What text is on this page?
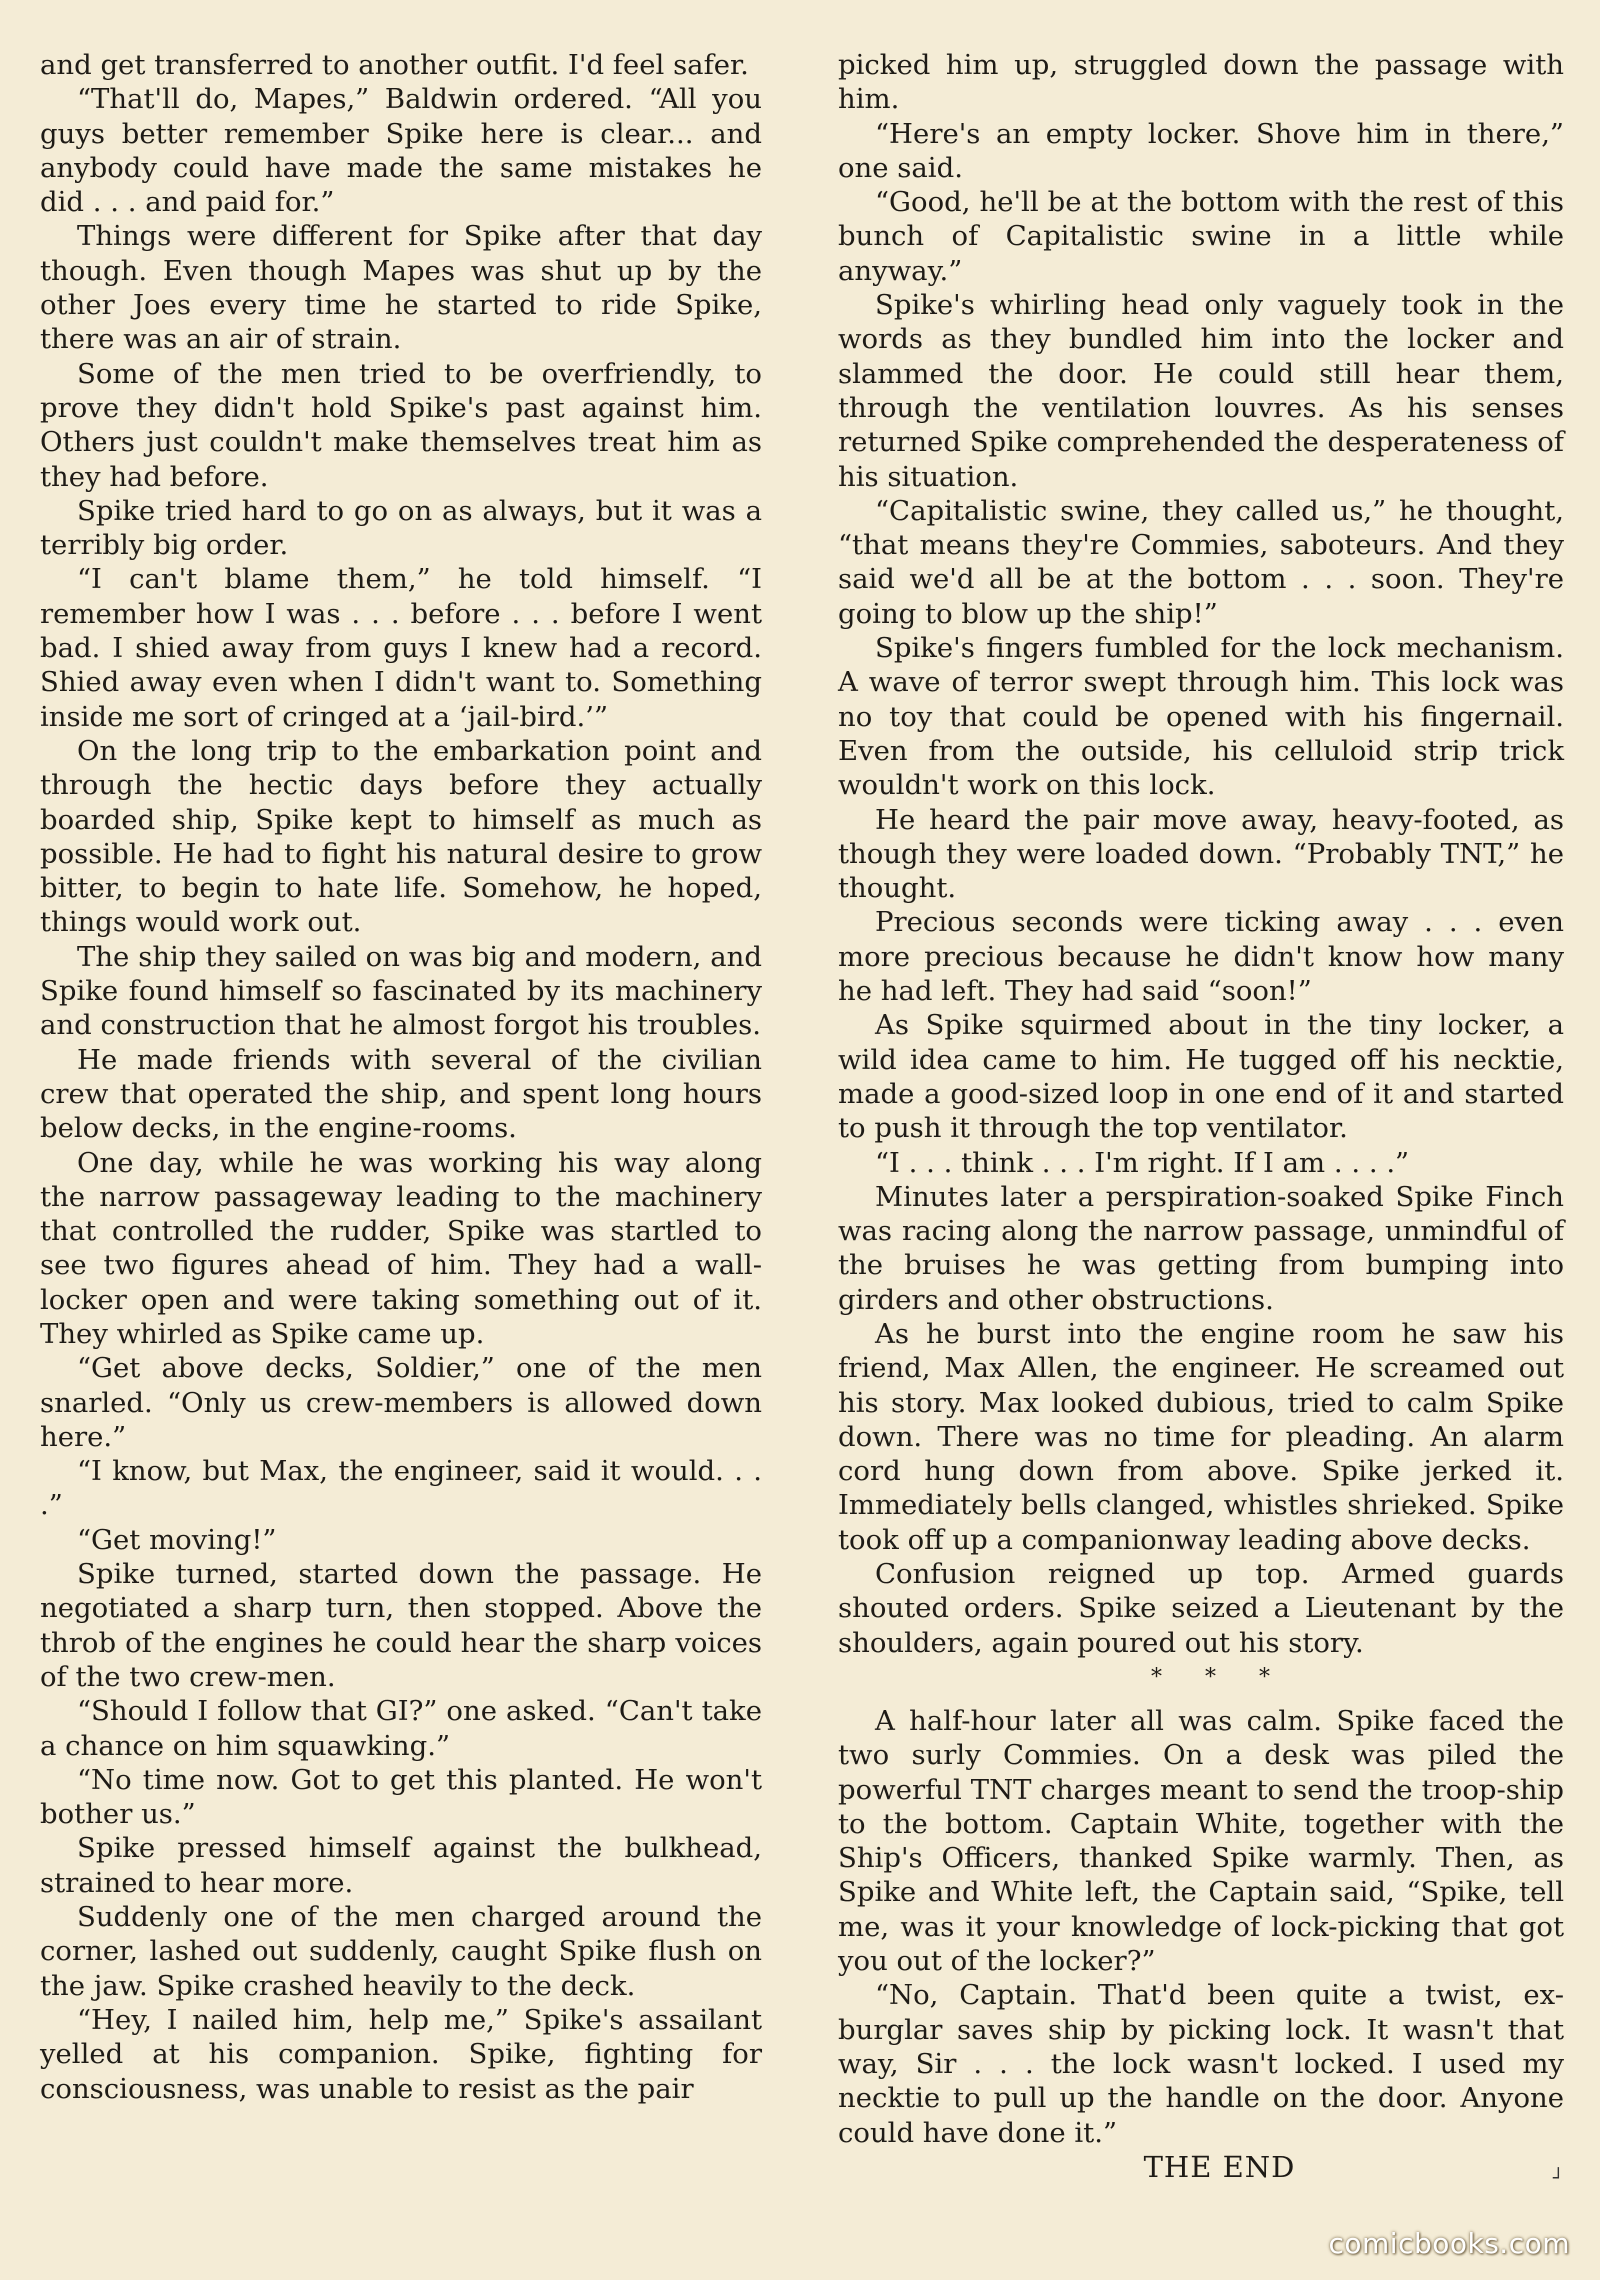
and get transferred to another outfit. I'd feel safer.

“That'll do, Mapes,” Baldwin ordered. “All you guys better remember Spike here is clear... and anybody could have made the same mistakes he did . . . and paid for.”

Things were different for Spike after that day though. Even though Mapes was shut up by the other Joes every time he started to ride Spike, there was an air of strain.

Some of the men tried to be overfriendly, to prove they didn't hold Spike's past against him. Others just couldn't make themselves treat him as they had before.

Spike tried hard to go on as always, but it was a terribly big order.

“I can't blame them,” he told himself. “I remember how I was . . . before . . . before I went bad. I shied away from guys I knew had a record. Shied away even when I didn't want to. Something inside me sort of cringed at a ‘jail-bird.’”

On the long trip to the embarkation point and through the hectic days before they actually boarded ship, Spike kept to himself as much as possible. He had to fight his natural desire to grow bitter, to begin to hate life. Somehow, he hoped, things would work out.

The ship they sailed on was big and modern, and Spike found himself so fascinated by its machinery and construction that he almost forgot his troubles.

He made friends with several of the civilian crew that operated the ship, and spent long hours below decks, in the engine-rooms.

One day, while he was working his way along the narrow passageway leading to the machinery that controlled the rudder, Spike was startled to see two figures ahead of him. They had a wall-locker open and were taking something out of it. They whirled as Spike came up.

“Get above decks, Soldier,” one of the men snarled. “Only us crew-members is allowed down here.”

“I know, but Max, the engineer, said it would. . . .”

“Get moving!”

Spike turned, started down the passage. He negotiated a sharp turn, then stopped. Above the throb of the engines he could hear the sharp voices of the two crew-men.

“Should I follow that GI?” one asked. “Can't take a chance on him squawking.”

“No time now. Got to get this planted. He won't bother us.”

Spike pressed himself against the bulkhead, strained to hear more.

Suddenly one of the men charged around the corner, lashed out suddenly, caught Spike flush on the jaw. Spike crashed heavily to the deck.

“Hey, I nailed him, help me,” Spike's assailant yelled at his companion. Spike, fighting for consciousness, was unable to resist as the pair

picked him up, struggled down the passage with him.

“Here's an empty locker. Shove him in there,” one said.

“Good, he'll be at the bottom with the rest of this bunch of Capitalistic swine in a little while anyway.”

Spike's whirling head only vaguely took in the words as they bundled him into the locker and slammed the door. He could still hear them, through the ventilation louvres. As his senses returned Spike comprehended the desperateness of his situation.

“Capitalistic swine, they called us,” he thought, “that means they're Commies, saboteurs. And they said we'd all be at the bottom . . . soon. They're going to blow up the ship!”

Spike's fingers fumbled for the lock mechanism. A wave of terror swept through him. This lock was no toy that could be opened with his fingernail. Even from the outside, his celluloid strip trick wouldn't work on this lock.

He heard the pair move away, heavy-footed, as though they were loaded down. “Probably TNT,” he thought.

Precious seconds were ticking away . . . even more precious because he didn't know how many he had left. They had said “soon!”

As Spike squirmed about in the tiny locker, a wild idea came to him. He tugged off his necktie, made a good-sized loop in one end of it and started to push it through the top ventilator.

“I . . . think . . . I'm right. If I am . . . .”

Minutes later a perspiration-soaked Spike Finch was racing along the narrow passage, unmindful of the bruises he was getting from bumping into girders and other obstructions.

As he burst into the engine room he saw his friend, Max Allen, the engineer. He screamed out his story. Max looked dubious, tried to calm Spike down. There was no time for pleading. An alarm cord hung down from above. Spike jerked it. Immediately bells clanged, whistles shrieked. Spike took off up a companionway leading above decks.

Confusion reigned up top. Armed guards shouted orders. Spike seized a Lieutenant by the shoulders, again poured out his story.

* * *

A half-hour later all was calm. Spike faced the two surly Commies. On a desk was piled the powerful TNT charges meant to send the troop-ship to the bottom. Captain White, together with the Ship's Officers, thanked Spike warmly. Then, as Spike and White left, the Captain said, “Spike, tell me, was it your knowledge of lock-picking that got you out of the locker?”

“No, Captain. That'd been quite a twist, ex-burglar saves ship by picking lock. It wasn't that way, Sir . . . the lock wasn't locked. I used my necktie to pull up the handle on the door. Anyone could have done it.”

THE END	┘
comicbooks.com
